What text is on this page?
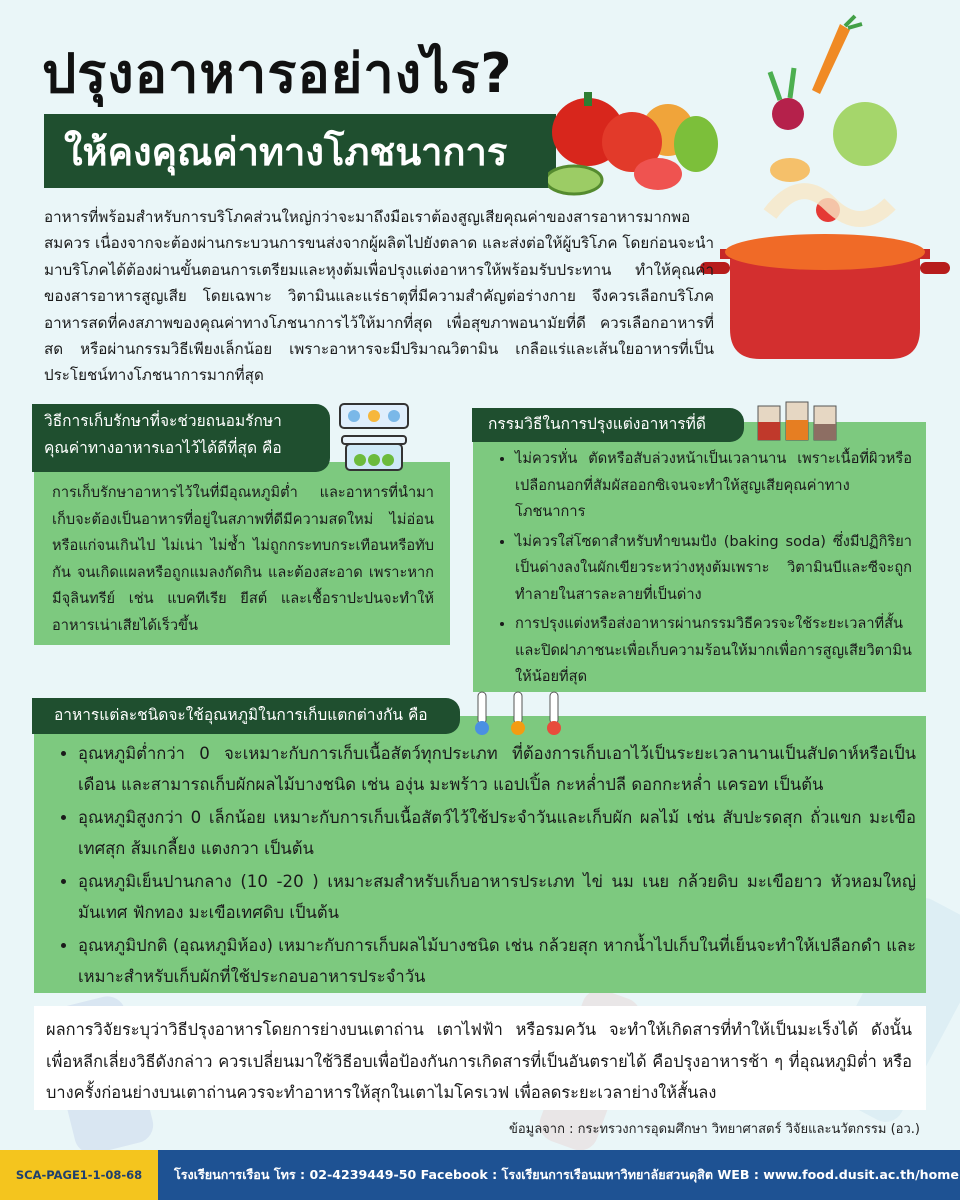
ปรุงอาหารอย่างไร?
ให้คงคุณค่าทางโภชนาการ

อาหารที่พร้อมสำหรับการบริโภคส่วนใหญ่กว่าจะมาถึงมือเราต้องสูญเสียคุณค่าของสารอาหารมากพอสมควร เนื่องจากจะต้องผ่านกระบวนการขนส่งจากผู้ผลิตไปยังตลาด และส่งต่อให้ผู้บริโภค โดยก่อนจะนำมาบริโภคได้ต้องผ่านขั้นตอนการเตรียมและหุงต้มเพื่อปรุงแต่งอาหารให้พร้อมรับประทาน ทำให้คุณค่าของสารอาหารสูญเสีย โดยเฉพาะ วิตามินและแร่ธาตุที่มีความสำคัญต่อร่างกาย จึงควรเลือกบริโภคอาหารสดที่คงสภาพของคุณค่าทางโภชนาการไว้ให้มากที่สุด เพื่อสุขภาพอนามัยที่ดี ควรเลือกอาหารที่สด หรือผ่านกรรมวิธีเพียงเล็กน้อย เพราะอาหารจะมีปริมาณวิตามิน เกลือแร่และเส้นใยอาหารที่เป็นประโยชน์ทางโภชนาการมากที่สุด

การเก็บรักษาอาหารไว้ในที่มีอุณหภูมิต่ำ และอาหารที่นำมาเก็บจะต้องเป็นอาหารที่อยู่ในสภาพที่ดีมีความสดใหม่ ไม่อ่อนหรือแก่จนเกินไป ไม่เน่า ไม่ช้ำ ไม่ถูกกระทบกระเทือนหรือทับกัน จนเกิดแผลหรือถูกแมลงกัดกิน และต้องสะอาด เพราะหากมีจุลินทรีย์ เช่น แบคทีเรีย ยีสต์ และเชื้อราปะปนจะทำให้อาหารเน่าเสียได้เร็วขึ้น
วิธีการเก็บรักษาที่จะช่วยถนอมรักษา
คุณค่าทางอาหารเอาไว้ได้ดีที่สุด คือ
• ไม่ควรหั่น ตัดหรือสับล่วงหน้าเป็นเวลานาน เพราะเนื้อที่ผิวหรือเปลือกนอกที่สัมผัสออกซิเจนจะทำให้สูญเสียคุณค่าทางโภชนาการ
• ไม่ควรใส่โซดาสำหรับทำขนมปัง (baking soda) ซึ่งมีปฏิกิริยาเป็นด่างลงในผักเขียวระหว่างหุงต้มเพราะ วิตามินบีและซีจะถูกทำลายในสารละลายที่เป็นด่าง
• การปรุงแต่งหรือส่งอาหารผ่านกรรมวิธีควรจะใช้ระยะเวลาที่สั้น และปิดฝาภาชนะเพื่อเก็บความร้อนให้มากเพื่อการสูญเสียวิตามินให้น้อยที่สุด
กรรมวิธีในการปรุงแต่งอาหารที่ดี
• อุณหภูมิต่ำกว่า 0 จะเหมาะกับการเก็บเนื้อสัตว์ทุกประเภท ที่ต้องการเก็บเอาไว้เป็นระยะเวลานานเป็นสัปดาห์หรือเป็นเดือน และสามารถเก็บผักผลไม้บางชนิด เช่น องุ่น มะพร้าว แอปเปิ้ล กะหล่ำปลี ดอกกะหล่ำ แครอท เป็นต้น
• อุณหภูมิสูงกว่า 0 เล็กน้อย เหมาะกับการเก็บเนื้อสัตว์ไว้ใช้ประจำวันและเก็บผัก ผลไม้ เช่น สับปะรดสุก ถั่วแขก มะเขือเทศสุก ส้มเกลี้ยง แตงกวา เป็นต้น
• อุณหภูมิเย็นปานกลาง (10 -20 ) เหมาะสมสำหรับเก็บอาหารประเภท ไข่ นม เนย กล้วยดิบ มะเขือยาว หัวหอมใหญ่ มันเทศ ฟักทอง มะเขือเทศดิบ เป็นต้น
• อุณหภูมิปกติ (อุณหภูมิห้อง) เหมาะกับการเก็บผลไม้บางชนิด เช่น กล้วยสุก หากน้ำไปเก็บในที่เย็นจะทำให้เปลือกดำ และเหมาะสำหรับเก็บผักที่ใช้ประกอบอาหารประจำวัน
อาหารแต่ละชนิดจะใช้อุณหภูมิในการเก็บแตกต่างกัน คือ
ผลการวิจัยระบุว่าวิธีปรุงอาหารโดยการย่างบนเตาถ่าน เตาไฟฟ้า หรือรมควัน จะทำให้เกิดสารที่ทำให้เป็นมะเร็งได้ ดังนั้น เพื่อหลีกเลี่ยงวิธีดังกล่าว ควรเปลี่ยนมาใช้วิธีอบเพื่อป้องกันการเกิดสารที่เป็นอันตรายได้ คือปรุงอาหารช้า ๆ ที่อุณหภูมิต่ำ หรือบางครั้งก่อนย่างบนเตาถ่านควรจะทำอาหารให้สุกในเตาไมโครเวฟ เพื่อลดระยะเวลาย่างให้สั้นลง
ข้อมูลจาก : กระทรวงการอุดมศึกษา วิทยาศาสตร์ วิจัยและนวัตกรรม (อว.)
SCA-PAGE1-1-08-68	โรงเรียนการเรือน โทร : 02-4239449-50 Facebook : โรงเรียนการเรือนมหาวิทยาลัยสวนดุสิต WEB : www.food.dusit.ac.th/home
